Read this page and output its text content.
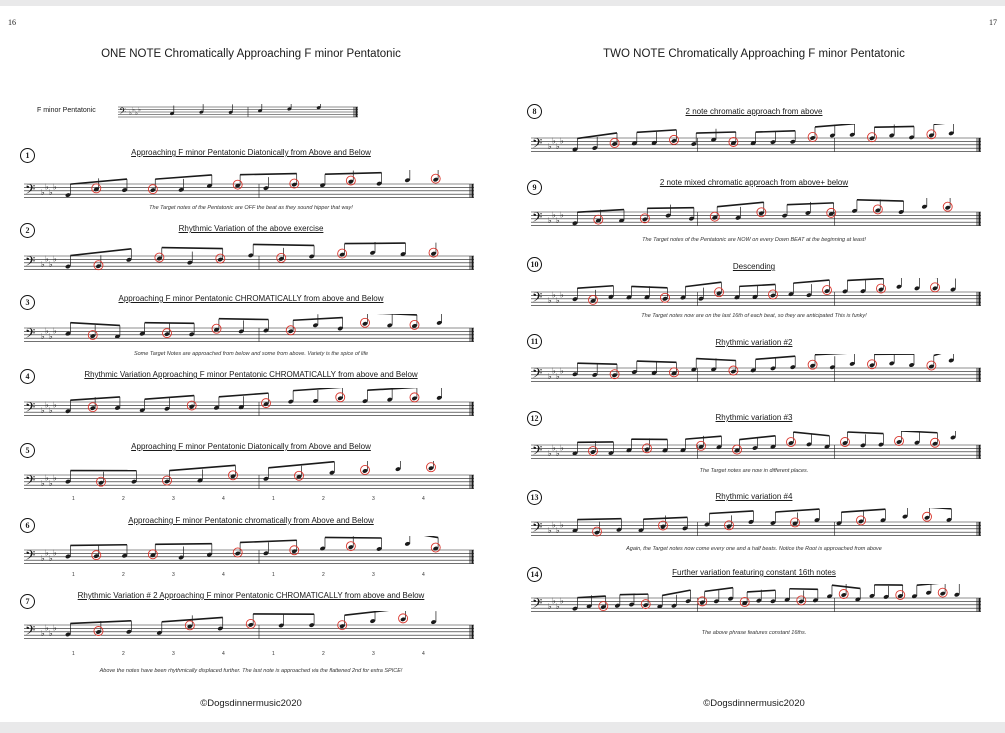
16
ONE NOTE Chromatically Approaching F minor Pentatonic
F minor Pentatonic 𝄢 ♭
♭
♭
♭
1	Approaching F minor Pentatonic Diatonically from Above and Below
𝄢 ♭
♭
♭
♭
The Target notes of the Pentatonic are OFF the beat as they sound hipper that way!
2	Rhythmic Variation of the above exercise
𝄢 ♭
♭
♭
♭
3	Approaching F minor Pentatonic CHROMATICALLY from above and Below
𝄢 ♭
♭
♭
♭
Some Target Notes are approached from below and some from above. Variety is the spice of life
4	Rhythmic Variation Approaching F minor Pentatonic CHROMATICALLY from above and Below
𝄢 ♭
♭
♭
♭
5	Approaching F minor Pentatonic Diatonically from Above and Below
𝄢 ♭
♭
♭
♭
1	2	3	4	1	2	3	4
6
Approaching F minor Pentatonic chromatically from Above and Below
𝄢 ♭
♭
♭
♭
1	2	3	4	1	2	3	4
7
Rhythmic Variation # 2 Approaching F minor Pentatonic CHROMATICALLY from above and Below
𝄢 ♭
♭
♭
♭
1	2	3	4	1	2	3	4
Above the notes have been rhythmically displaced further. The last note is approached via the flattened 2nd for extra SPICE!
©Dogsdinnermusic2020
17
TWO NOTE Chromatically Approaching F minor Pentatonic
8	2 note chromatic approach from above
𝄢 ♭
♭
♭
♭
9
2 note mixed chromatic approach from above+ below
𝄢 ♭
♭
♭
♭
The Target notes of the Pentatonic are NOW on every Down BEAT at the beginning at least!
10	Descending
𝄢 ♭
♭
♭
♭
The Target notes now are on the last 16th of each beat, so they are anticipated This is funky!
11	Rhythmic variation #2
𝄢 ♭
♭
♭
♭
12	Rhythmic variation #3
𝄢 ♭
♭
♭
♭
The Target notes are now in different places.
13	Rhythmic variation #4
𝄢 ♭
♭
♭
♭
Again, the Target notes now come every one and a half beats. Notice the Root is approached from above
14	Further variation featuring constant 16th notes
𝄢 ♭
♭
♭
♭
The above phrase features constant 16ths.
©Dogsdinnermusic2020
